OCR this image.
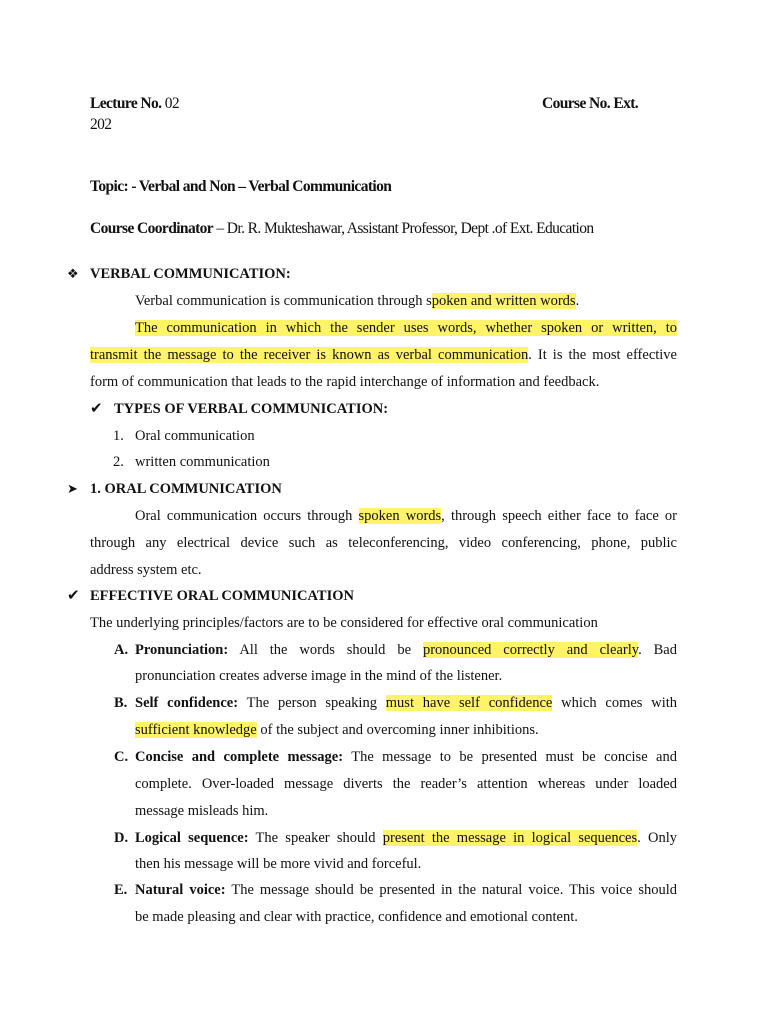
Lecture No. 02	Course No. Ext.
202
Topic: - Verbal and Non – Verbal Communication
Course Coordinator – Dr. R. Mukteshawar, Assistant Professor, Dept .of Ext. Education
❖ VERBAL COMMUNICATION:
Verbal communication is communication through spoken and written words.
The communication in which the sender uses words, whether spoken or written, to
transmit the message to the receiver is known as verbal communication. It is the most effective
form of communication that leads to the rapid interchange of information and feedback.
✔ TYPES OF VERBAL COMMUNICATION:
1. Oral communication
2. written communication
➤ 1. ORAL COMMUNICATION
Oral communication occurs through spoken words, through speech either face to face or
through any electrical device such as teleconferencing, video conferencing, phone, public
address system etc.
✔ EFFECTIVE ORAL COMMUNICATION
The underlying principles/factors are to be considered for effective oral communication
A. Pronunciation: All the words should be pronounced correctly and clearly. Bad
pronunciation creates adverse image in the mind of the listener.
B. Self confidence: The person speaking must have self confidence which comes with
sufficient knowledge of the subject and overcoming inner inhibitions.
C. Concise and complete message: The message to be presented must be concise and
complete. Over-loaded message diverts the reader’s attention whereas under loaded
message misleads him.
D. Logical sequence: The speaker should present the message in logical sequences. Only
then his message will be more vivid and forceful.
E. Natural voice: The message should be presented in the natural voice. This voice should
be made pleasing and clear with practice, confidence and emotional content.
